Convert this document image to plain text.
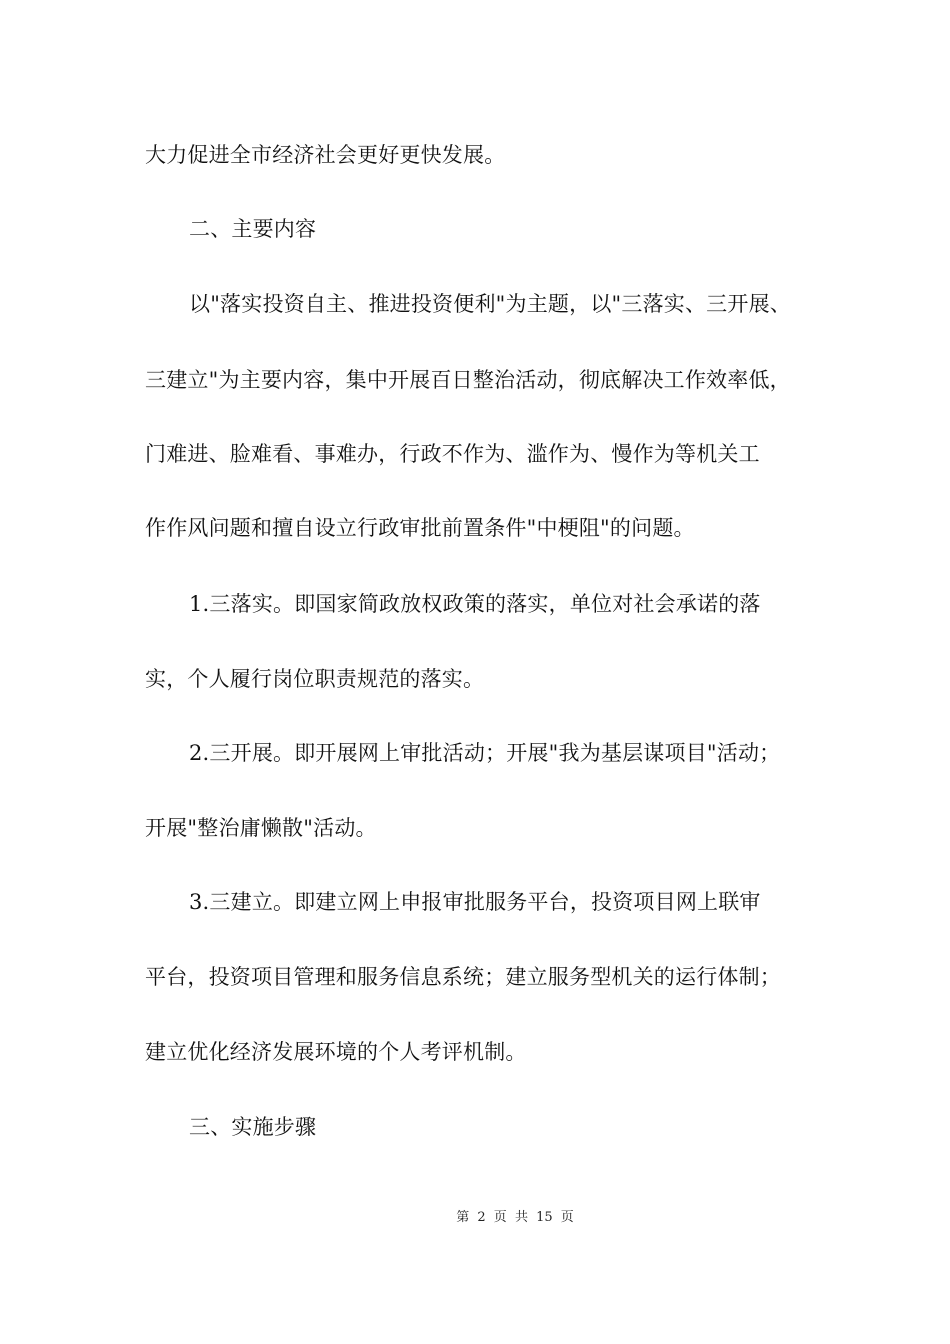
大力促进全市经济社会更好更快发展。
二、主要内容
以"落实投资自主、推进投资便利"为主题，以"三落实、三开展、
三建立"为主要内容，集中开展百日整治活动，彻底解决工作效率低，
门难进、脸难看、事难办，行政不作为、滥作为、慢作为等机关工
作作风问题和擅自设立行政审批前置条件"中梗阻"的问题。
1.三落实。即国家简政放权政策的落实，单位对社会承诺的落
实，个人履行岗位职责规范的落实。
2.三开展。即开展网上审批活动；开展"我为基层谋项目"活动；
开展"整治庸懒散"活动。
3.三建立。即建立网上申报审批服务平台，投资项目网上联审
平台，投资项目管理和服务信息系统；建立服务型机关的运行体制；
建立优化经济发展环境的个人考评机制。
三、实施步骤
第 2 页 共 15 页
